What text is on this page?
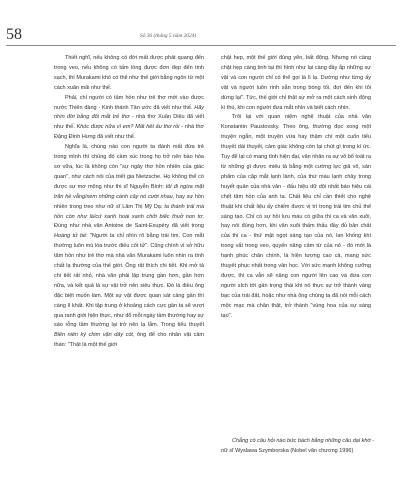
58	Số 36 (tháng 5 năm 2024)

Thiết nghĩ, nếu không có đời mất được phát quang đến trong veo, nếu không có tấm lòng được đơn đẹp đến tinh sạch, thì Murakami khó có thể như thế giới bằng ngôn từ một cách xuân mãi như thế.

Phải, chỉ người có tâm hồn như trẻ thơ mới vào được nước Thiên đàng - Kinh thánh Tân ước đã viết như thế. Hãy nhìn đời bằng đôi mắt trẻ thơ - nhà thơ Xuân Diệu đã viết như thế. Khóc được nữa vì em? Mất hết ấu thơ rồi - nhà thơ Đặng Đình Hưng đã viết như thế.

Nghĩa là, chúng nào con người ta đánh mất đứa trẻ trong mình thì chúng đó cầm xúc trong họ trở nên bào hòa sơ vữa, lúc là không còn "sự ngây thơ hồn nhiên của giác quan", như cách nói của triết gia Nietzsche. Họ không thể có được sự mơ mộng như thi sĩ Nguyễn Bính: tôi đi ngừa mặt trăn hề vẵng/xem những cánh cây nó cười nhau, hay sự hồn nhiên trong treo như nữ sĩ Lâm Thị Mỹ Dạ: ta thành trái mà hồn còn như lá/cứ xanh hoài xanh chởi biếc thuở non tơ. Đúng như nhà văn Antoine de Saint-Exupéry đã viết trong Hoàng tử bé: "Người ta chỉ nhìn rõ bằng trái tim. Con mắt thường luôn mù lòa trước điều cốt tử". Cũng chính vì sở hữu tâm hồn như trẻ thơ mà nhà văn Murakami luôn nhìn ra tính chất lạ thường của thế giới. Ông rất thích chi tiết. Khi mở tả chi tiết rất nhỏ, nhà văn phải lập trung gần hơn, gần hơn nữa, và kết quả là sự vật trở nên siêu thực. Đó là điều ông đặc biệt muốn làm. Một sự vật được quan sát càng gần thì càng lì khất. Khi tập trung ở khoảng cách cực gần ta sẽ vượt qua ranh giới hiện thực, như đổ mỗi ngày tầm thường hay sự sáo rỗng tầm thường lại trở nên lạ lẫm. Trong tiểu thuyết Biên niên ký chim vặn dây cót, ông để cho nhân vật cảm thán: "Thật là một thế giới

chật hẹp, một thế giới đúng yên, bất động. Nhưng nó càng chật hẹp càng tinh tại thì hình như lại càng đầy ắp những sự vật và con người chỉ có thể gọi là lì lạ. Dường như từng ấy vật và người luôn rình sẵn trong bóng tối, đợi đến khi tôi dừng lại". Tức, thế giới chỉ thật sự mở ra một cách sinh động kì thú, khi con người đưa mắt nhìn và biết cách nhìn.

Trôi lại với quan niệm nghệ thuật của nhà văn Konstantin Paustovsky. Theo ông, thường đọc xong một truyện ngắn, một truyện vừa hay thậm chí một cuốn tiểu thuyết dài thuyết, cảm giác không còn lại chút gì trong kí ức. Tuy để lại có mang tính hiện đại, văn nhân ra sự vô bổ toát ra từ những gì được miêu tả bằng một cường lực giả vô, sản phẩm của cặp mắt lạnh lành, của thứ máu lạnh chảy trong huyết quản của nhà văn - đấu hiệu dữ dội nhất báo hiệu cái chết tâm hồn của anh ta. Chất liệu chỉ cần thiết cho nghệ thuật khi chất liệu ấy chiếm được vị trí trong trái tim chủ thể sáng tạo. Chỉ có sự hồi lưu máu có giữa thi ca và văn xuôi, hay nói đúng hơn, khi văn xuôi thấm thấu đầy đủ bản chất của thi ca - thứ mật ngọt sáng tạo của nó, lan khống khí trong vắt trong veo, quyến năng cảm từ của nó - đó mới là hạnh phúc chân chính, là hiện tượng cao cả, mang sức thuyết phục nhất trong văn học. Với sức mạnh không cưỡng được, thi ca vẫn sẽ nâng con người lên cao và đưa con người sích tới gần trọng thái khi nó thực sự trở thành vàng bạc của trái đất, hoặc như nhà ông chúng ta đã nói mỗi cách mộc mạc mà chân thật, trở thành "vùng hoa của sự sáng tạo".

Chẳng có câu hỏi nào bức bách bằng những câu dại khờ - nữ sĩ Wyslawa Szymborska (Nobel văn chương 1996)
